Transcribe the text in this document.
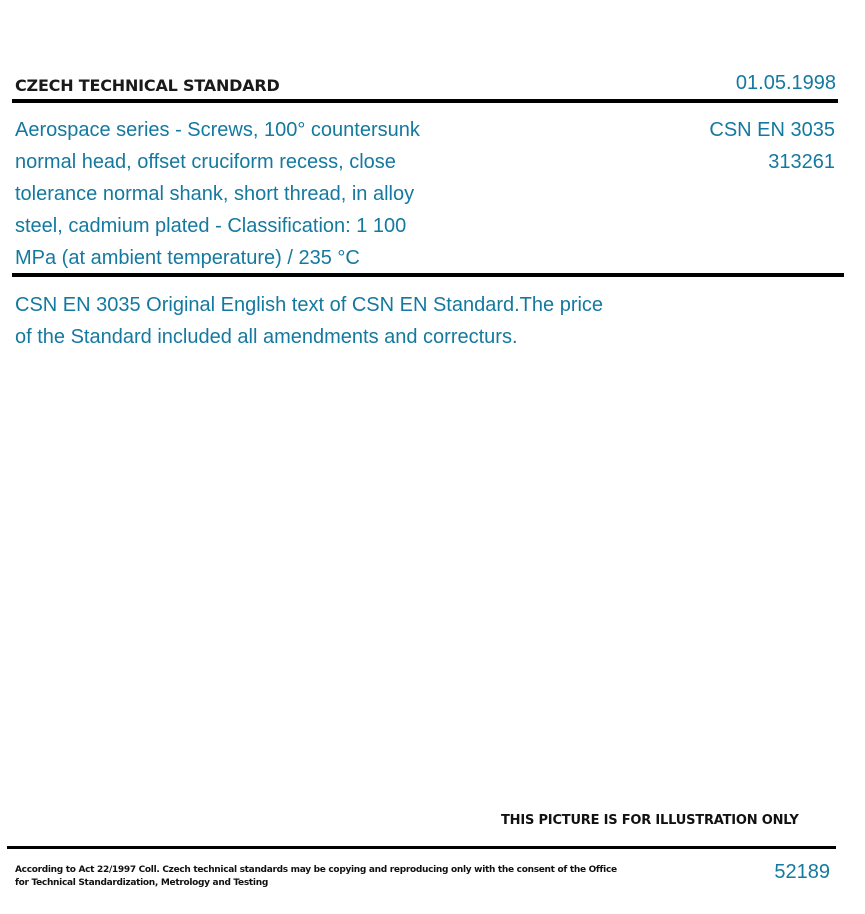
CZECH TECHNICAL STANDARD	01.05.1998
Aerospace series - Screws, 100° countersunk
normal head, offset cruciform recess, close
tolerance normal shank, short thread, in alloy
steel, cadmium plated - Classification: 1 100
MPa (at ambient temperature) / 235 °C
CSN EN 3035
313261
CSN EN 3035 Original English text of CSN EN Standard.The price
of the Standard included all amendments and correcturs.
THIS PICTURE IS FOR ILLUSTRATION ONLY
According to Act 22/1997 Coll. Czech technical standards may be copying and reproducing only with the consent of the Office
for Technical Standardization, Metrology and Testing	52189
